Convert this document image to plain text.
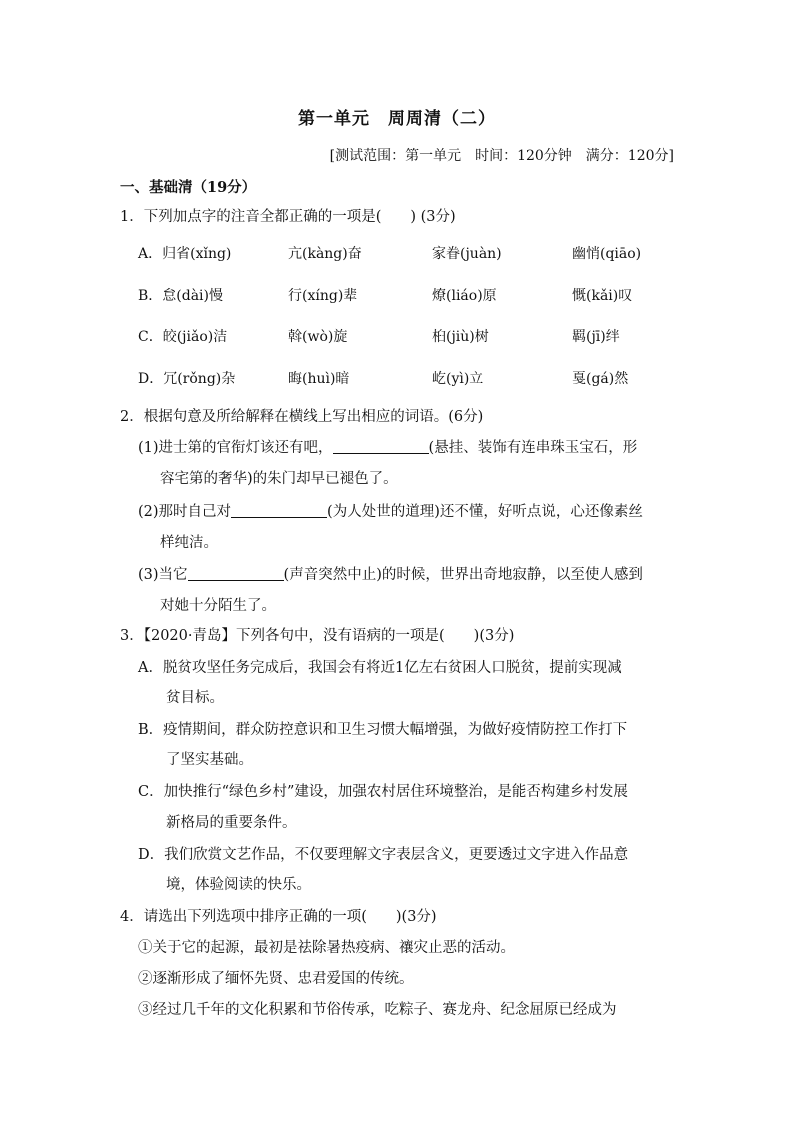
第一单元　周周清（二）
[测试范围：第一单元　时间：120分钟　满分：120分]
一、基础清（19分）
1．下列加点字的注音全都正确的一项是(　　) (3分)
A．归省(xǐng)	亢(kàng)奋	家眷(juàn)	幽悄(qiāo)
B．怠(dài)慢	行(xíng)辈	燎(liáo)原	慨(kǎi)叹
C．皎(jiǎo)洁	斡(wò)旋	桕(jiù)树	羁(jī)绊
D．冗(rǒng)杂	晦(huì)暗	屹(yì)立	戛(gá)然
2．根据句意及所给解释在横线上写出相应的词语。(6分)
(1)进士第的官衔灯该还有吧，	(悬挂、装饰有连串珠玉宝石，形
容宅第的奢华)的朱门却早已褪色了。
(2)那时自己对	(为人处世的道理)还不懂，好听点说，心还像素丝
样纯洁。
(3)当它	(声音突然中止)的时候，世界出奇地寂静，以至使人感到
对她十分陌生了。
3．【2020·青岛】下列各句中，没有语病的一项是(　　)(3分)
A．脱贫攻坚任务完成后，我国会有将近1亿左右贫困人口脱贫，提前实现减
贫目标。
B．疫情期间，群众防控意识和卫生习惯大幅增强，为做好疫情防控工作打下
了坚实基础。
C．加快推行“绿色乡村”建设，加强农村居住环境整治，是能否构建乡村发展
新格局的重要条件。
D．我们欣赏文艺作品，不仅要理解文字表层含义，更要透过文字进入作品意
境，体验阅读的快乐。
4．请选出下列选项中排序正确的一项(　　)(3分)
①关于它的起源，最初是祛除暑热疫病、禳灾止恶的活动。
②逐渐形成了缅怀先贤、忠君爱国的传统。
③经过几千年的文化积累和节俗传承，吃粽子、赛龙舟、纪念屈原已经成为
